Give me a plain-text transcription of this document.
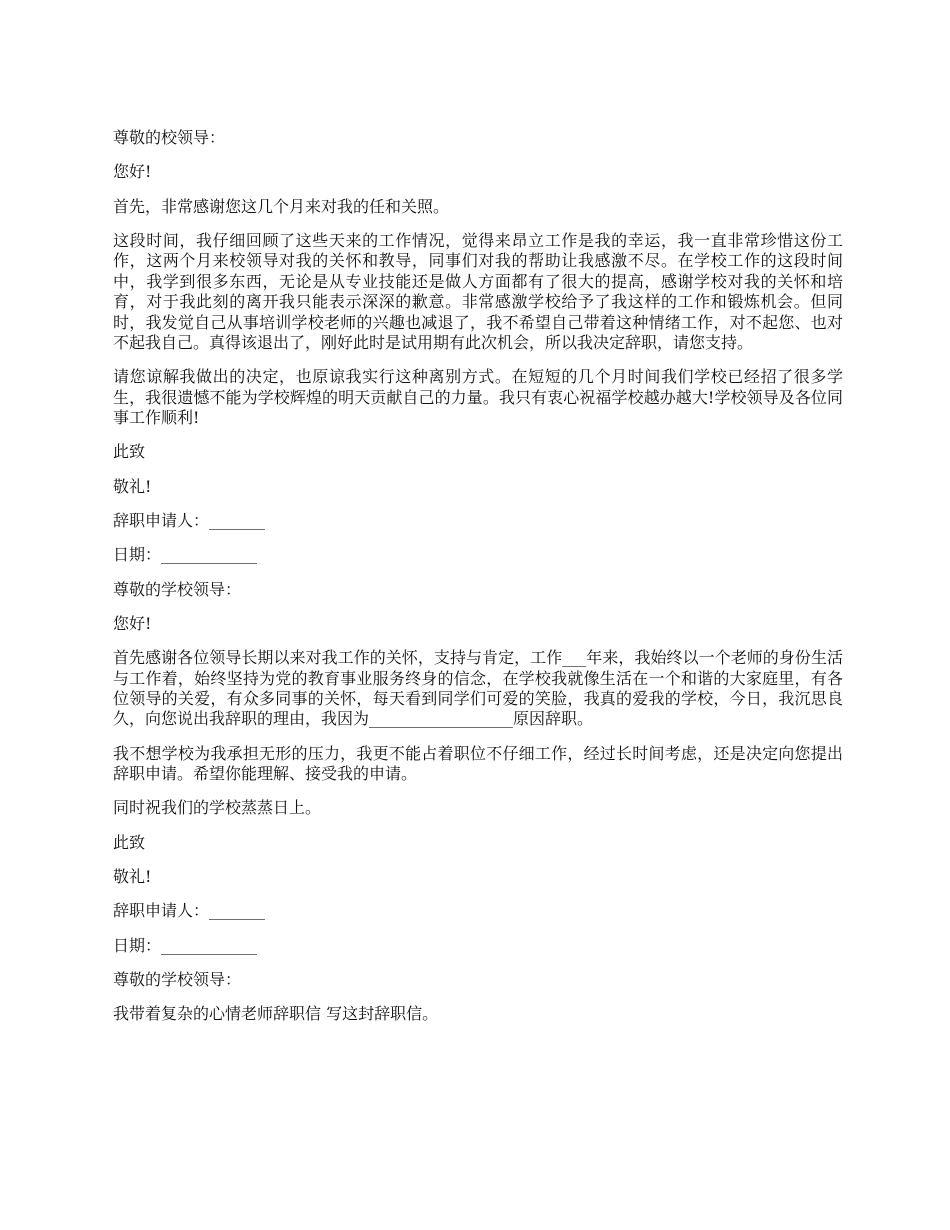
尊敬的校领导：

您好!

首先，非常感谢您这几个月来对我的任和关照。

这段时间，我仔细回顾了这些天来的工作情况，觉得来昂立工作是我的幸运，我一直非常珍惜这份工作，这两个月来校领导对我的关怀和教导，同事们对我的帮助让我感激不尽。在学校工作的这段时间中，我学到很多东西，无论是从专业技能还是做人方面都有了很大的提高，感谢学校对我的关怀和培育，对于我此刻的离开我只能表示深深的歉意。非常感激学校给予了我这样的工作和锻炼机会。但同时，我发觉自己从事培训学校老师的兴趣也减退了，我不希望自己带着这种情绪工作，对不起您、也对不起我自己。真得该退出了，刚好此时是试用期有此次机会，所以我决定辞职，请您支持。

请您谅解我做出的决定，也原谅我实行这种离别方式。在短短的几个月时间我们学校已经招了很多学生，我很遗憾不能为学校辉煌的明天贡献自己的力量。我只有衷心祝福学校越办越大!学校领导及各位同事工作顺利!

此致

敬礼!

辞职申请人：_______

日期：____________

尊敬的学校领导：

您好!

首先感谢各位领导长期以来对我工作的关怀，支持与肯定，工作___年来，我始终以一个老师的身份生活与工作着，始终坚持为党的教育事业服务终身的信念，在学校我就像生活在一个和谐的大家庭里，有各位领导的关爱，有众多同事的关怀，每天看到同学们可爱的笑脸，我真的爱我的学校，今日，我沉思良久，向您说出我辞职的理由，我因为__________________原因辞职。

我不想学校为我承担无形的压力，我更不能占着职位不仔细工作，经过长时间考虑，还是决定向您提出辞职申请。希望你能理解、接受我的申请。

同时祝我们的学校蒸蒸日上。

此致

敬礼!

辞职申请人：_______

日期：____________

尊敬的学校领导：

我带着复杂的心情老师辞职信 写这封辞职信。
